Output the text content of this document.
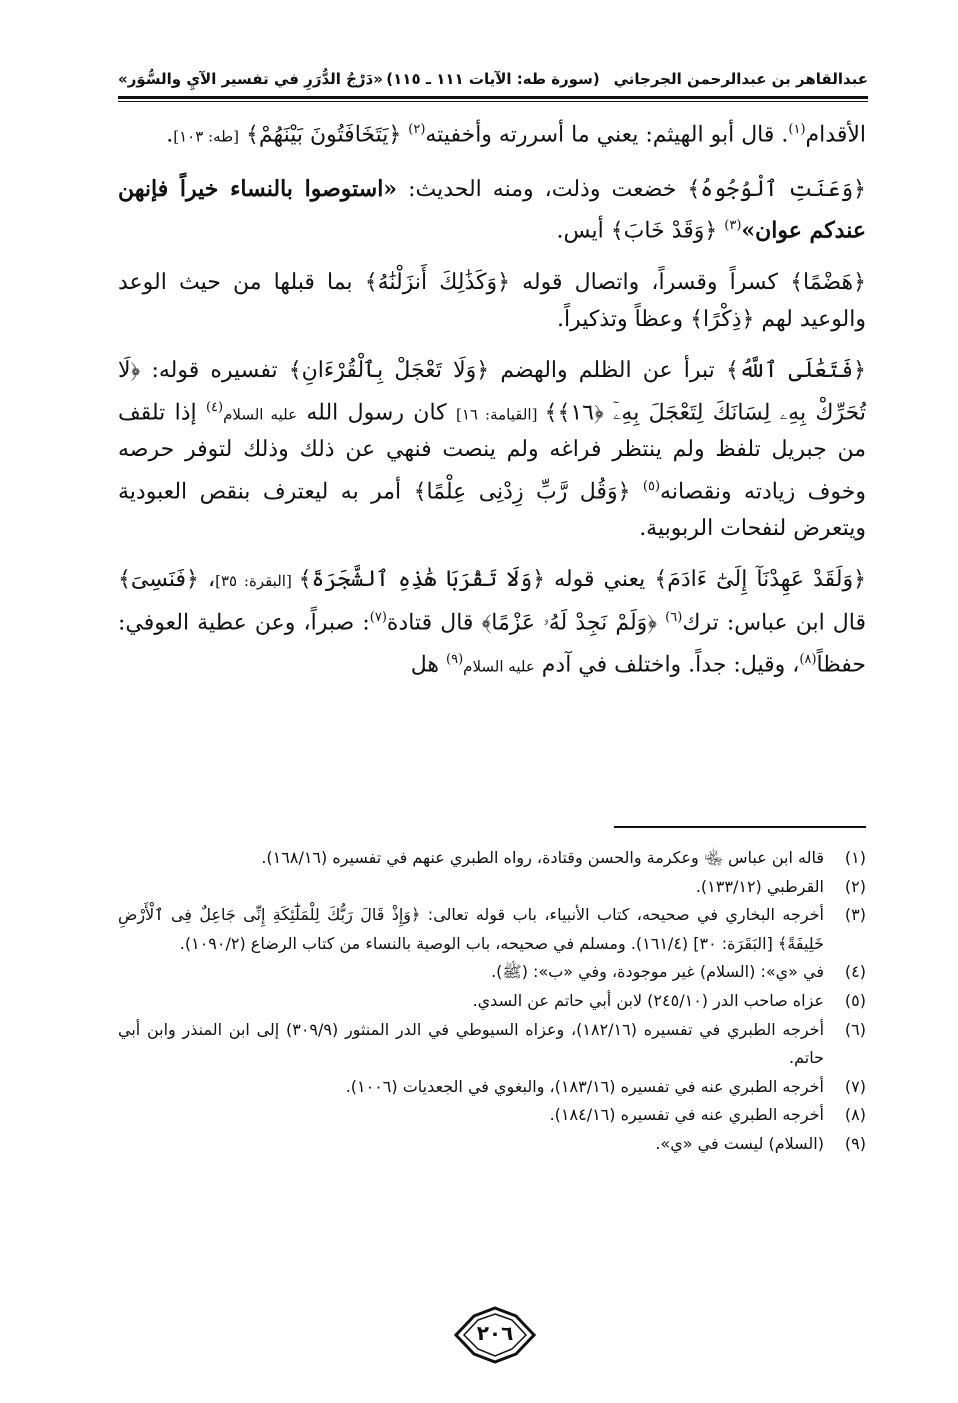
عبدالقاهر بن عبدالرحمن الجرجاني
(سورة طه: الآيات ١١١ ـ ١١٥)
«دَرْجُ الدُّرَرِ في تفسير الآيِ والسُّوَر»

الأقدام$^{(١)}$. قال أبو الهيثم: يعني ما أسررته وأخفيته$^{(٢)}$ ﴿يَتَخَافَتُونَ بَيْنَهُمْ﴾ [طه: ١٠٣].

﴿وَعَنَتِ ٱلْوُجُوهُ﴾ خضعت وذلت، ومنه الحديث: «استوصوا بالنساء خيراً فإنهن عندكم عوان»$^{(٣)}$ ﴿وَقَدْ خَابَ﴾ أيس.

﴿هَضْمًا﴾ كسراً وقسراً، واتصال قوله ﴿وَكَذَٰلِكَ أَنزَلْنَٰهُ﴾ بما قبلها من حيث الوعد والوعيد لهم ﴿ذِكْرًا﴾ وعظاً وتذكيراً.

﴿فَتَعَٰلَى ٱللَّهُ﴾ تبرأ عن الظلم والهضم ﴿وَلَا تَعْجَلْ بِٱلْقُرْءَانِ﴾ تفسيره قوله: ﴿لَا تُحَرِّكْ بِهِۦ لِسَانَكَ لِتَعْجَلَ بِهِۦٓ ﴿١٦﴾﴾ [القيامة: ١٦] كان رسول الله عليه السلام$^{(٤)}$ إذا تلقف من جبريل تلفظ ولم ينتظر فراغه ولم ينصت فنهي عن ذلك وذلك لتوفر حرصه وخوف زيادته ونقصانه$^{(٥)}$ ﴿وَقُل رَّبِّ زِدْنِى عِلْمًا﴾ أمر به ليعترف بنقص العبودية ويتعرض لنفحات الربوبية.

﴿وَلَقَدْ عَهِدْنَآ إِلَىٰٓ ءَادَمَ﴾ يعني قوله ﴿وَلَا تَقْرَبَا هَٰذِهِ ٱلشَّجَرَةَ﴾ [البقرة: ٣٥]، ﴿فَنَسِىَ﴾ قال ابن عباس: ترك$^{(٦)}$ ﴿وَلَمْ نَجِدْ لَهُۥ عَزْمًا﴾ قال قتادة$^{(٧)}$: صبراً، وعن عطية العوفي: حفظاً$^{(٨)}$، وقيل: جداً. واختلف في آدم عليه السلام$^{(٩)}$ هل

(١)
قاله ابن عباس ﵄ وعكرمة والحسن وقتادة، رواه الطبري عنهم في تفسيره (١٦٨/١٦).
(٢)
القرطبي (١٣٣/١٢).
(٣)
أخرجه البخاري في صحيحه، كتاب الأنبياء، باب قوله تعالى: ﴿وَإِذْ قَالَ رَبُّكَ لِلْمَلَٰٓئِكَةِ إِنِّى جَاعِلٌ فِى ٱلْأَرْضِ خَلِيفَةً﴾ [البَقَرَة: ٣٠] (١٦١/٤). ومسلم في صحيحه، باب الوصية بالنساء من كتاب الرضاع (١٠٩٠/٢).
(٤)
في «ي»: (السلام) غير موجودة، وفي «ب»: (ﷺ).
(٥)
عزاه صاحب الدر (٢٤٥/١٠) لابن أبي حاتم عن السدي.
(٦)
أخرجه الطبري في تفسيره (١٨٢/١٦)، وعزاه السيوطي في الدر المنثور (٣٠٩/٩) إلى ابن المنذر وابن أبي حاتم.
(٧)
أخرجه الطبري عنه في تفسيره (١٨٣/١٦)، والبغوي في الجعديات (١٠٠٦).
(٨)
أخرجه الطبري عنه في تفسيره (١٨٤/١٦).
(٩)
(السلام) ليست في «ي».
٢٠٦
